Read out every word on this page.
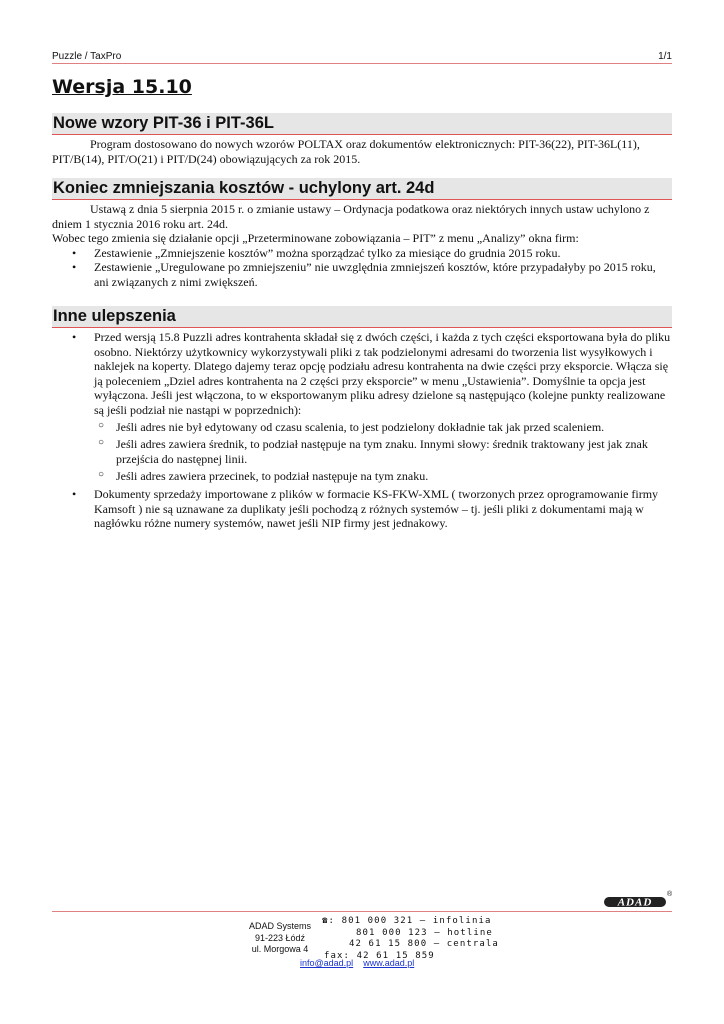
Puzzle / TaxPro	1/1
Wersja 15.10
Nowe wzory PIT-36 i PIT-36L

Program dostosowano do nowych wzorów POLTAX oraz dokumentów elektronicznych: PIT-36(22), PIT-36L(11), PIT/B(14), PIT/O(21) i PIT/D(24) obowiązujących za rok 2015.

Koniec zmniejszania kosztów - uchylony art. 24d

Ustawą z dnia 5 sierpnia 2015 r. o zmianie ustawy – Ordynacja podatkowa oraz niektórych innych ustaw uchylono z dniem 1 stycznia 2016 roku art. 24d.

Wobec tego zmienia się działanie opcji „Przeterminowane zobowiązania – PIT” z menu „Analizy” okna firm:

• Zestawienie „Zmniejszenie kosztów” można sporządzać tylko za miesiące do grudnia 2015 roku.
• Zestawienie „Uregulowane po zmniejszeniu” nie uwzględnia zmniejszeń kosztów, które przypadałyby po 2015 roku, ani związanych z nimi zwiększeń.
Inne ulepszenia
• Przed wersją 15.8 Puzzli adres kontrahenta składał się z dwóch części, i każda z tych części eksportowana była do pliku osobno. Niektórzy użytkownicy wykorzystywali pliki z tak podzielonymi adresami do tworzenia list wysyłkowych i naklejek na koperty. Dlatego dajemy teraz opcję podziału adresu kontrahenta na dwie części przy eksporcie. Włącza się ją poleceniem „Dziel adres kontrahenta na 2 części przy eksporcie” w menu „Ustawienia”. Domyślnie ta opcja jest wyłączona. Jeśli jest włączona, to w eksportowanym pliku adresy dzielone są następująco (kolejne punkty realizowane są jeśli podział nie nastąpi w poprzednich):
○ Jeśli adres nie był edytowany od czasu scalenia, to jest podzielony dokładnie tak jak przed scaleniem.
○ Jeśli adres zawiera średnik, to podział następuje na tym znaku. Innymi słowy: średnik traktowany jest jak znak przejścia do następnej linii.
○ Jeśli adres zawiera przecinek, to podział następuje na tym znaku.
• Dokumenty sprzedaży importowane z plików w formacie KS-FKW-XML ( tworzonych przez oprogramowanie firmy Kamsoft ) nie są uznawane za duplikaty jeśli pochodzą z różnych systemów – tj. jeśli pliki z dokumentami mają w nagłówku różne numery systemów, nawet jeśli NIP firmy jest jednakowy.
ADAD
®
ADAD Systems
91-223 Łódź
ul. Morgowa 4
☎: 801 000 321 – infolinia
801 000 123 – hotline
42 61 15 800 – centrala
fax: 42 61 15 859
info@adad.pl www.adad.pl
